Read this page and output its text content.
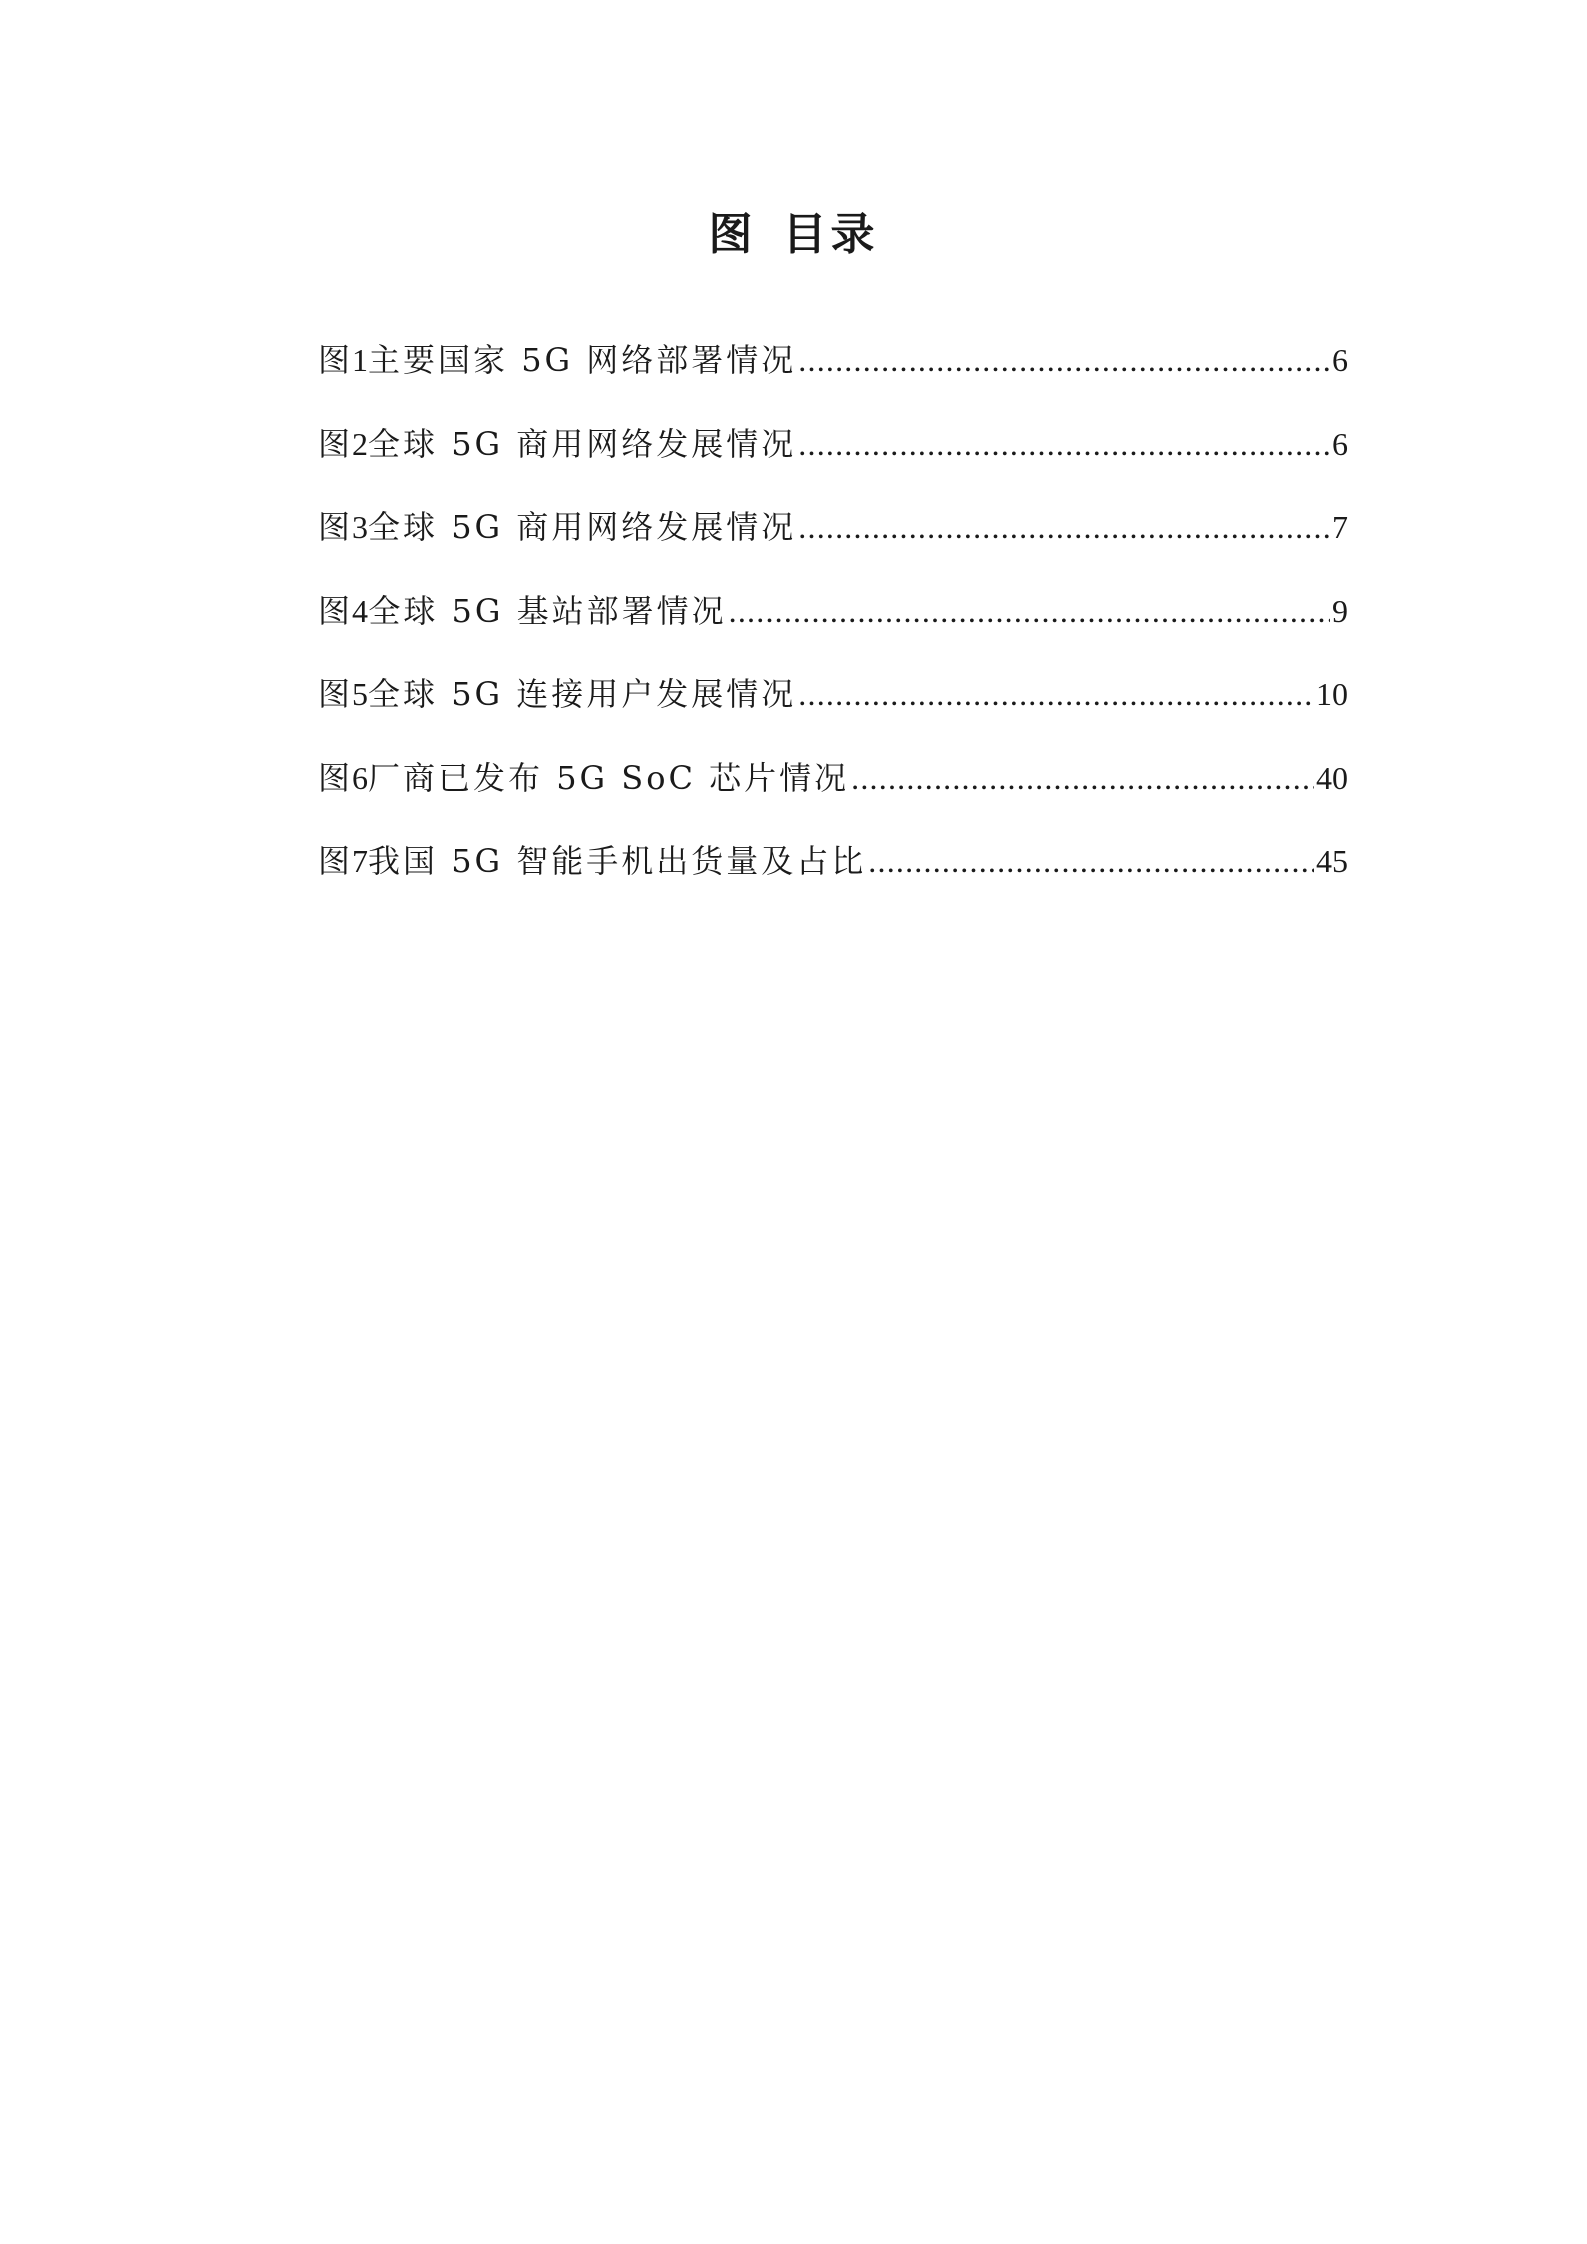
图 目录
图 1 主要国家 5G 网络部署情况 .....	6
图 2 全球 5G 商用网络发展情况 .....	6
图 3 全球 5G 商用网络发展情况 .....	7
图 4 全球 5G 基站部署情况 .....	9
图 5 全球 5G 连接用户发展情况 .....	10
图 6 厂商已发布 5G SoC 芯片情况 .....	40
图 7 我国 5G 智能手机出货量及占比 .....	45
